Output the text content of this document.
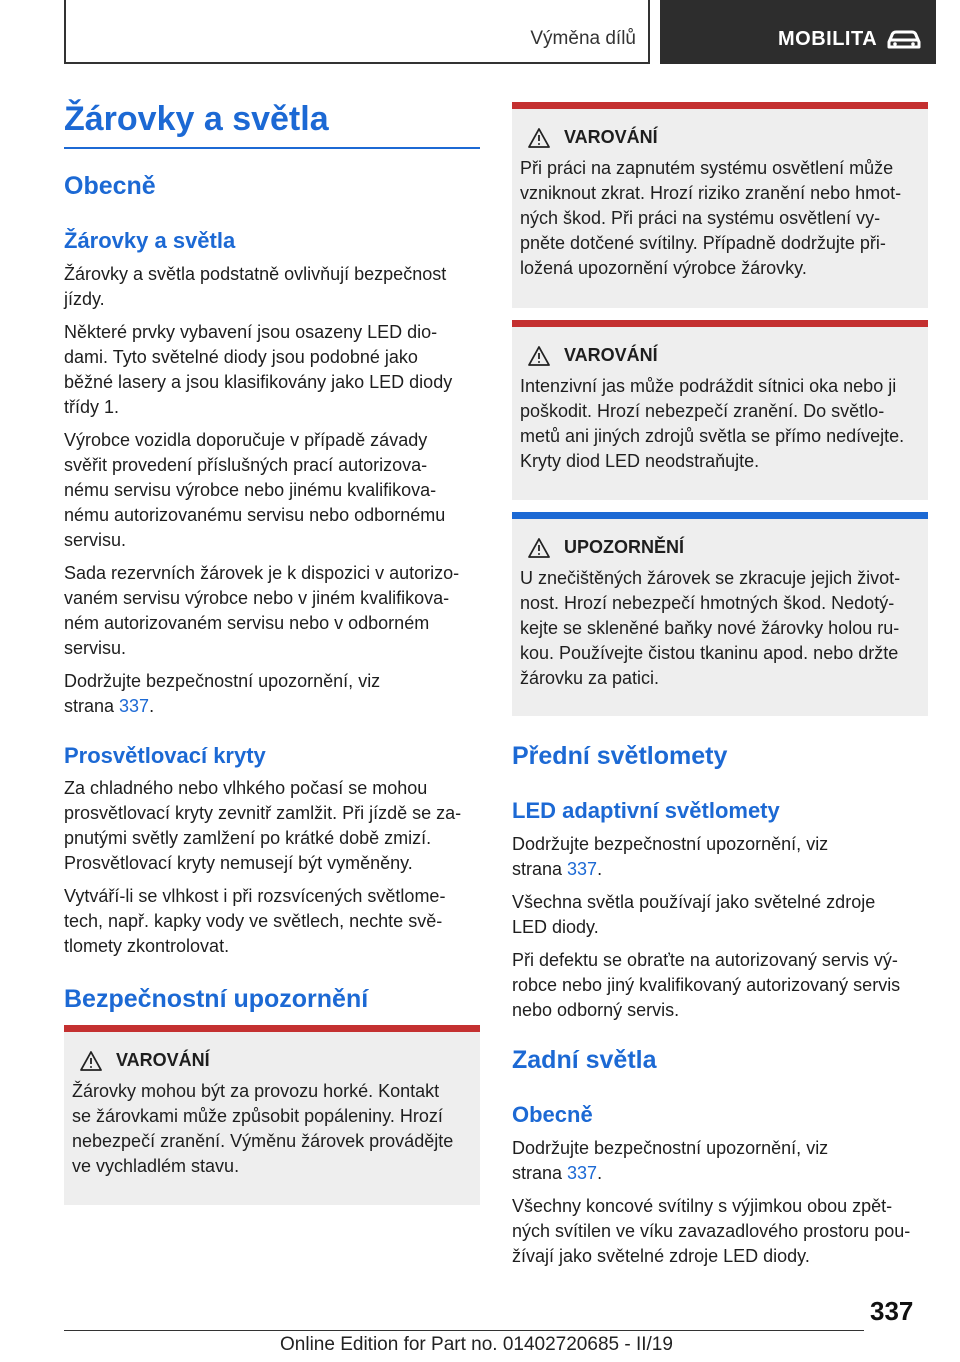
Výměna dílů	MOBILITA
Žárovky a světla
Obecně
Žárovky a světla

Žárovky a světla podstatně ovlivňují bezpečnost

jízdy.

Některé prvky vybavení jsou osazeny LED dio‐

dami. Tyto světelné diody jsou podobné jako

běžné lasery a jsou klasifikovány jako LED diody

třídy 1.

Výrobce vozidla doporučuje v případě závady

svěřit provedení příslušných prací autorizova‐

nému servisu výrobce nebo jinému kvalifikova‐

nému autorizovanému servisu nebo odbornému

servisu.

Sada rezervních žárovek je k dispozici v autorizo‐

vaném servisu výrobce nebo v jiném kvalifikova‐

ném autorizovaném servisu nebo v odborném

servisu.

Dodržujte bezpečnostní upozornění, viz

strana 337.

Prosvětlovací kryty

Za chladného nebo vlhkého počasí se mohou

prosvětlovací kryty zevnitř zamlžit. Při jízdě se za‐

pnutými světly zamlžení po krátké době zmizí.

Prosvětlovací kryty nemusejí být vyměněny.

Vytváří-li se vlhkost i při rozsvícených světlome‐

tech, např. kapky vody ve světlech, nechte svě‐

tlomety zkontrolovat.

Bezpečnostní upozornění
VAROVÁNÍ

Žárovky mohou být za provozu horké. Kontakt

se žárovkami může způsobit popáleniny. Hrozí

nebezpečí zranění. Výměnu žárovek provádějte

ve vychladlém stavu.

VAROVÁNÍ

Při práci na zapnutém systému osvětlení může

vzniknout zkrat. Hrozí riziko zranění nebo hmot‐

ných škod. Při práci na systému osvětlení vy‐

pněte dotčené svítilny. Případně dodržujte při‐

ložená upozornění výrobce žárovky.

VAROVÁNÍ

Intenzivní jas může podráždit sítnici oka nebo ji

poškodit. Hrozí nebezpečí zranění. Do světlo‐

metů ani jiných zdrojů světla se přímo nedívejte.

Kryty diod LED neodstraňujte.

UPOZORNĚNÍ

U znečištěných žárovek se zkracuje jejich život‐

nost. Hrozí nebezpečí hmotných škod. Nedotý‐

kejte se skleněné baňky nové žárovky holou ru‐

kou. Používejte čistou tkaninu apod. nebo držte

žárovku za patici.

Přední světlomety
LED adaptivní světlomety

Dodržujte bezpečnostní upozornění, viz

strana 337.

Všechna světla používají jako světelné zdroje

LED diody.

Při defektu se obraťte na autorizovaný servis vý‐

robce nebo jiný kvalifikovaný autorizovaný servis

nebo odborný servis.

Zadní světla
Obecně

Dodržujte bezpečnostní upozornění, viz

strana 337.

Všechny koncové svítilny s výjimkou obou zpět‐

ných svítilen ve víku zavazadlového prostoru pou‐

žívají jako světelné zdroje LED diody.

337
Online Edition for Part no. 01402720685 - II/19
